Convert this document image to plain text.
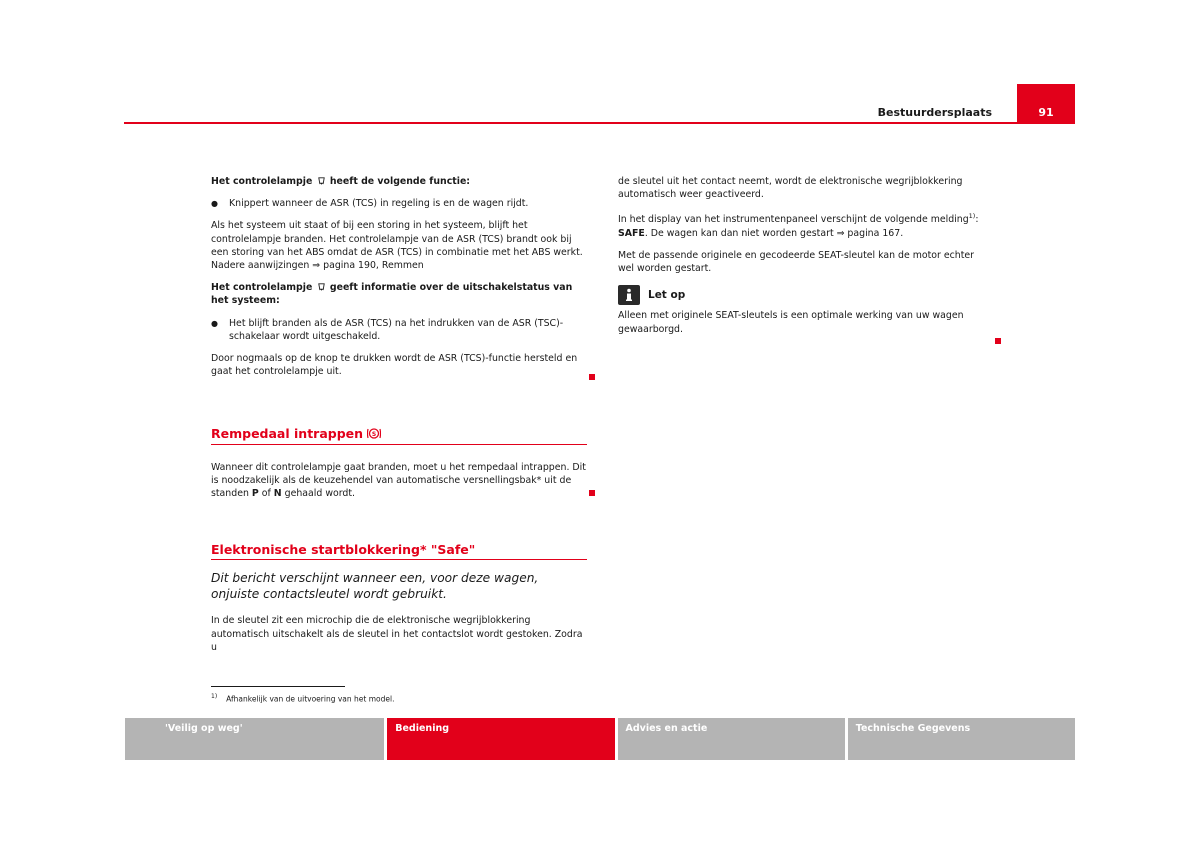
Bestuurdersplaats	91

Het controlelampje heeft de volgende functie:

● Knippert wanneer de ASR (TCS) in regeling is en de wagen rijdt.

Als het systeem uit staat of bij een storing in het systeem, blijft het controlelampje branden. Het controlelampje van de ASR (TCS) brandt ook bij een storing van het ABS omdat de ASR (TCS) in combinatie met het ABS werkt. Nadere aanwijzingen ⇒ pagina 190, Remmen

Het controlelampje geeft informatie over de uitschakelstatus van het systeem:

● Het blijft branden als de ASR (TCS) na het indrukken van de ASR (TSC)-schakelaar wordt uitgeschakeld.

Door nogmaals op de knop te drukken wordt de ASR (TCS)-functie hersteld en gaat het controlelampje uit.

Rempedaal intrappen S

Wanneer dit controlelampje gaat branden, moet u het rempedaal intrappen. Dit is noodzakelijk als de keuzehendel van automatische versnellingsbak* uit de standen P of N gehaald wordt.

Elektronische startblokkering* "Safe"

Dit bericht verschijnt wanneer een, voor deze wagen, onjuiste contactsleutel wordt gebruikt.

In de sleutel zit een microchip die de elektronische wegrijblokkering automatisch uitschakelt als de sleutel in het contactslot wordt gestoken. Zodra u

de sleutel uit het contact neemt, wordt de elektronische wegrijblokkering automatisch weer geactiveerd.

In het display van het instrumentenpaneel verschijnt de volgende melding$^{1)}$: SAFE. De wagen kan dan niet worden gestart ⇒ pagina 167.

Met de passende originele en gecodeerde SEAT-sleutel kan de motor echter wel worden gestart.

Let op

Alleen met originele SEAT-sleutels is een optimale werking van uw wagen gewaarborgd.

$^{1)}$ Afhankelijk van de uitvoering van het model.
'Veilig op weg'	Bediening	Advies en actie	Technische Gegevens
